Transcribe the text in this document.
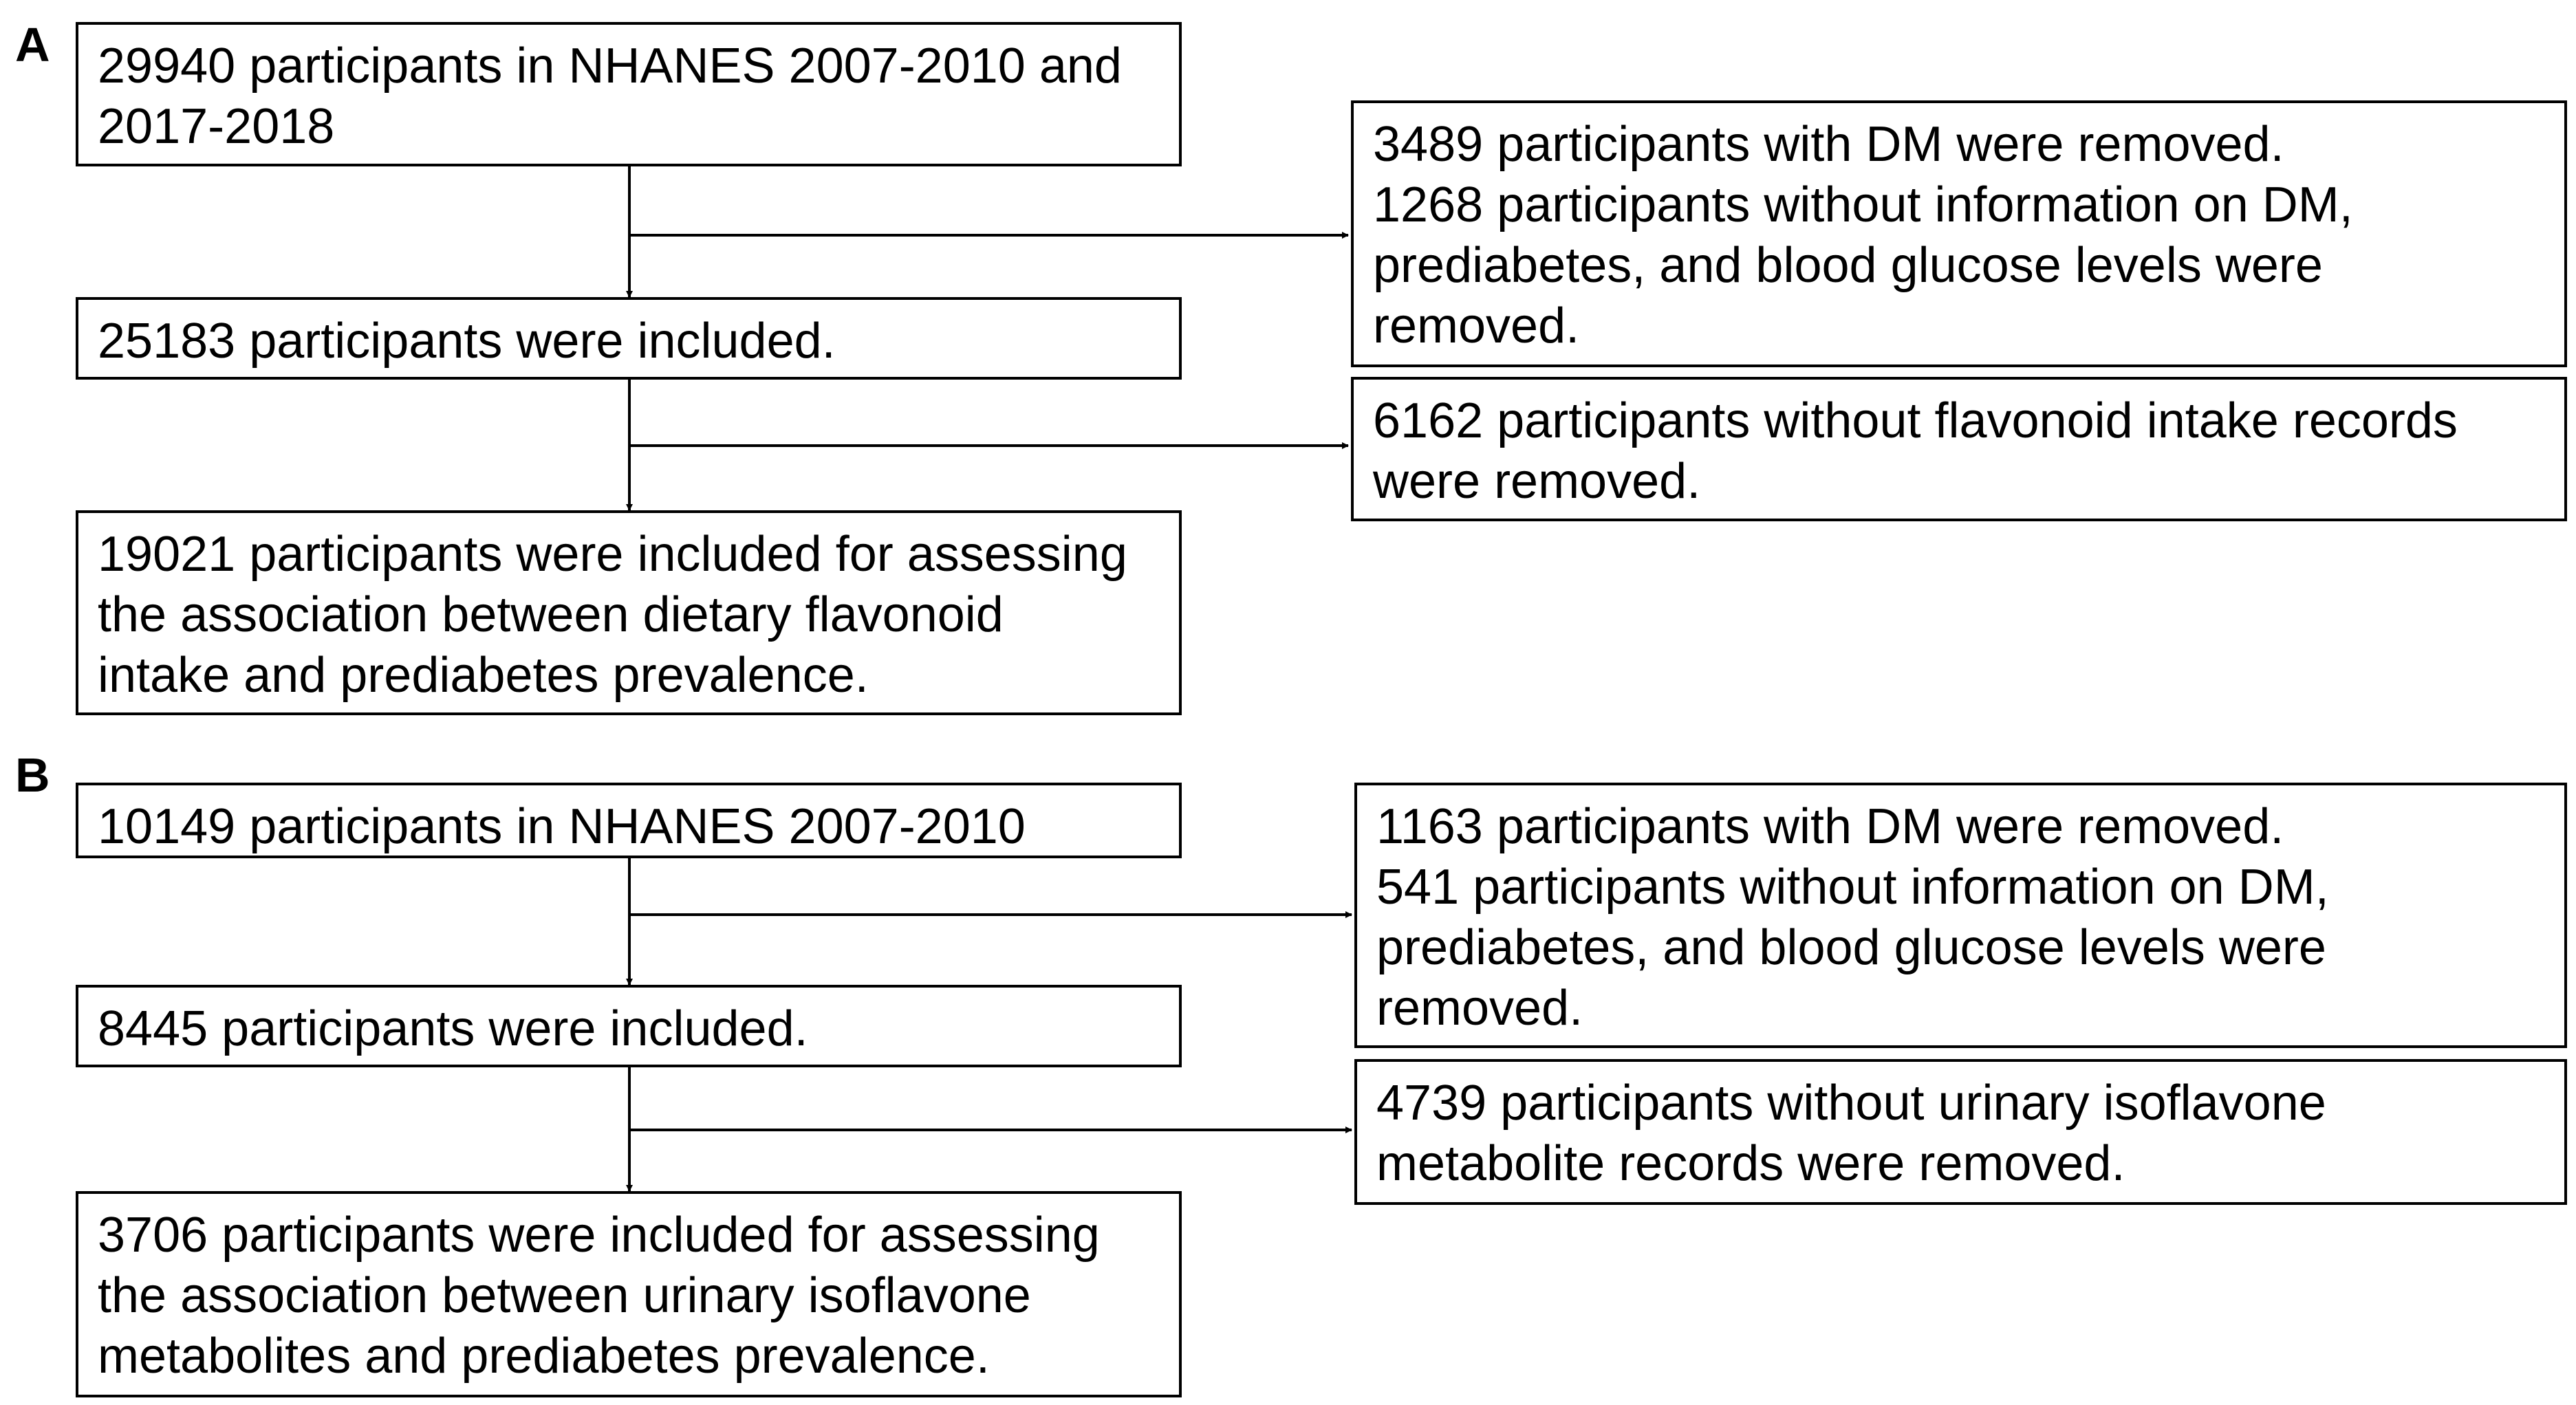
A 29940 participants in NHANES 2007-2010 and
2017-2018
25183 participants were included.
19021 participants were included for assessing
the association between dietary flavonoid
intake and prediabetes prevalence.
3489 participants with DM were removed.
1268 participants without information on DM,
prediabetes, and blood glucose levels were
removed.
6162 participants without flavonoid intake records
were removed.
B
10149 participants in NHANES 2007-2010
8445 participants were included.
3706 participants were included for assessing
the association between urinary isoflavone
metabolites and prediabetes prevalence.
1163 participants with DM were removed.
541 participants without information on DM,
prediabetes, and blood glucose levels were
removed.
4739 participants without urinary isoflavone
metabolite records were removed.
